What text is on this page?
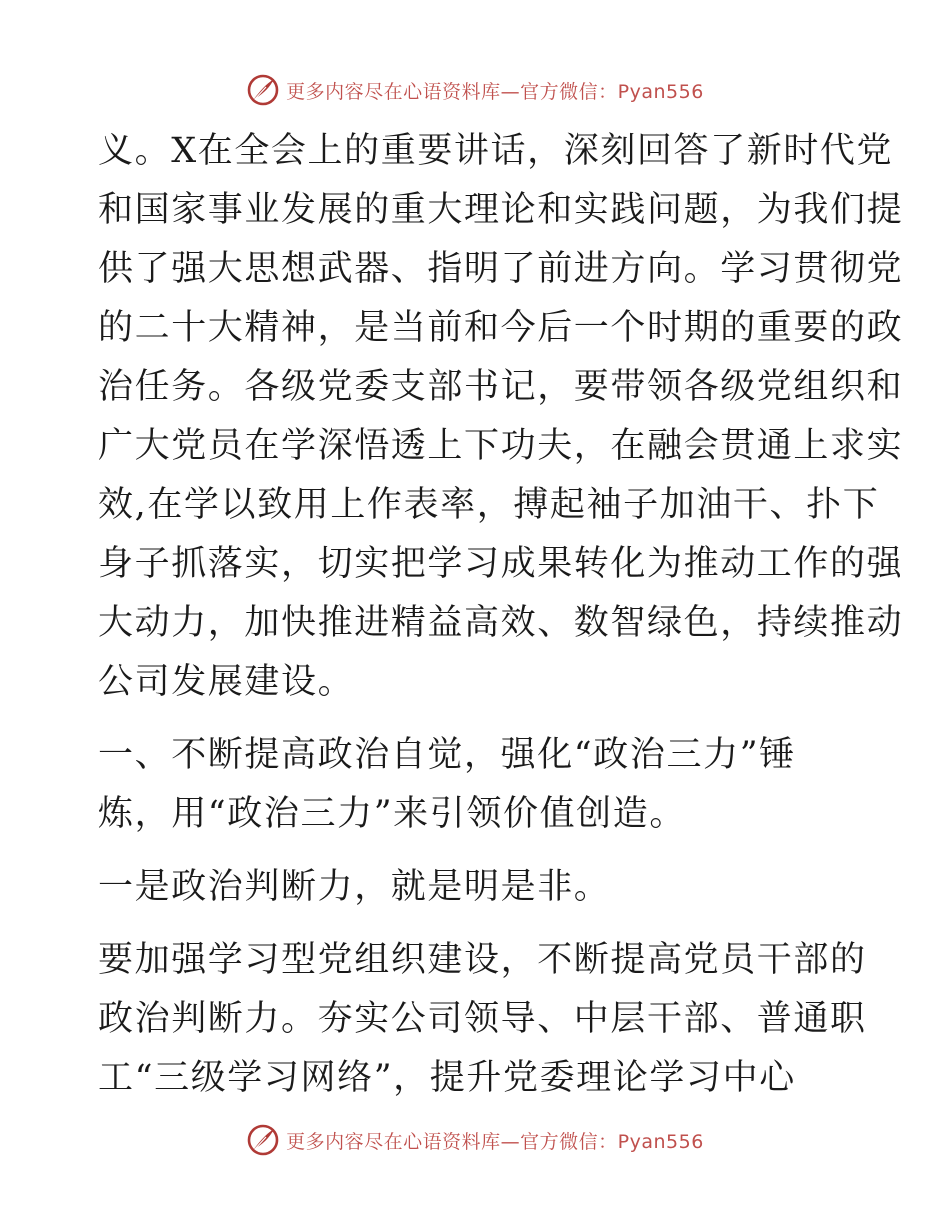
更多内容尽在心语资料库—官方微信：Pyan556
义。X在全会上的重要讲话，深刻回答了新时代党
和国家事业发展的重大理论和实践问题，为我们提
供了强大思想武器、指明了前进方向。学习贯彻党
的二十大精神，是当前和今后一个时期的重要的政
治任务。各级党委支部书记，要带领各级党组织和
广大党员在学深悟透上下功夫，在融会贯通上求实
效,在学以致用上作表率，搏起袖子加油干、扑下
身子抓落实，切实把学习成果转化为推动工作的强
大动力，加快推进精益高效、数智绿色，持续推动
公司发展建设。
一、不断提高政治自觉，强化“政治三力”锤
炼，用“政治三力”来引领价值创造。
一是政治判断力，就是明是非。
要加强学习型党组织建设，不断提高党员干部的
政治判断力。夯实公司领导、中层干部、普通职
工“三级学习网络”，提升党委理论学习中心
更多内容尽在心语资料库—官方微信：Pyan556
